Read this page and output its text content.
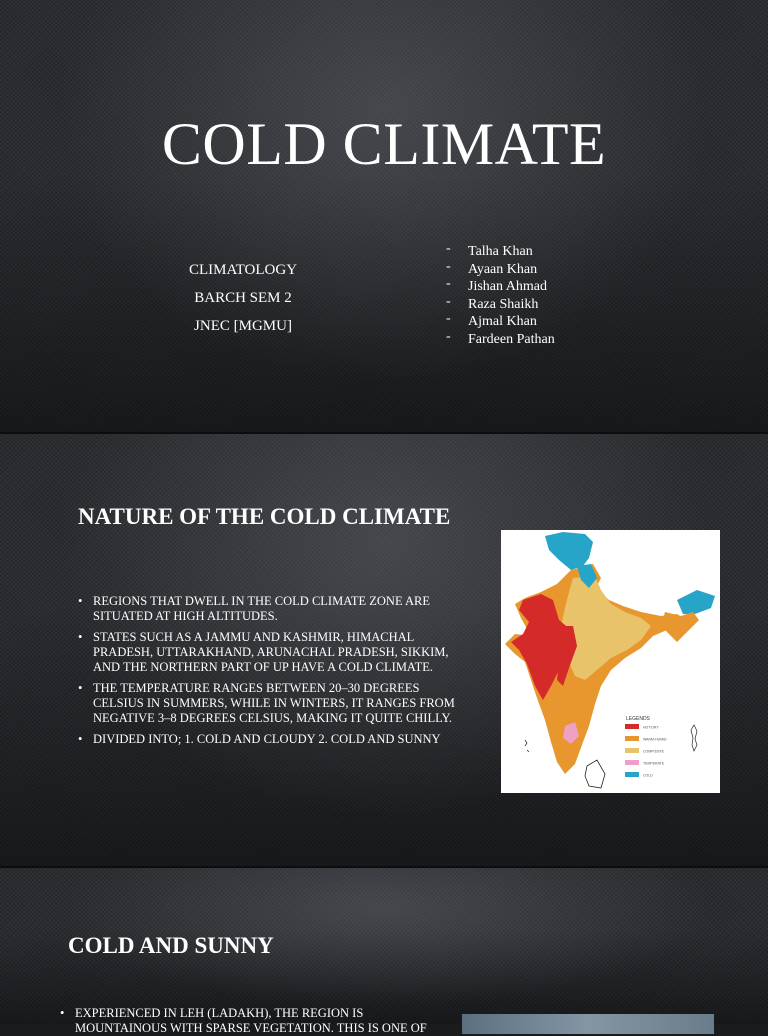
COLD CLIMATE
CLIMATOLOGY
BARCH SEM 2
JNEC [MGMU]
- Talha Khan
- Ayaan Khan
- Jishan Ahmad
- Raza Shaikh
- Ajmal Khan
- Fardeen Pathan
NATURE OF THE COLD CLIMATE
• REGIONS THAT DWELL IN THE COLD CLIMATE ZONE ARE SITUATED AT HIGH ALTITUDES.
• STATES SUCH AS A JAMMU AND KASHMIR, HIMACHAL PRADESH, UTTARAKHAND, ARUNACHAL PRADESH, SIKKIM, AND THE NORTHERN PART OF UP HAVE A COLD CLIMATE.
• THE TEMPERATURE RANGES BETWEEN 20–30 DEGREES CELSIUS IN SUMMERS, WHILE IN WINTERS, IT RANGES FROM NEGATIVE 3–8 DEGREES CELSIUS, MAKING IT QUITE CHILLY.
• DIVIDED INTO; 1. COLD AND CLOUDY 2. COLD AND SUNNY
LEGENDS
HOT-DRY
WARM-HUMID
COMPOSITE
TEMPERATE
COLD
COLD AND SUNNY
• EXPERIENCED IN LEH (LADAKH), THE REGION IS MOUNTAINOUS WITH SPARSE VEGETATION. THIS IS ONE OF
